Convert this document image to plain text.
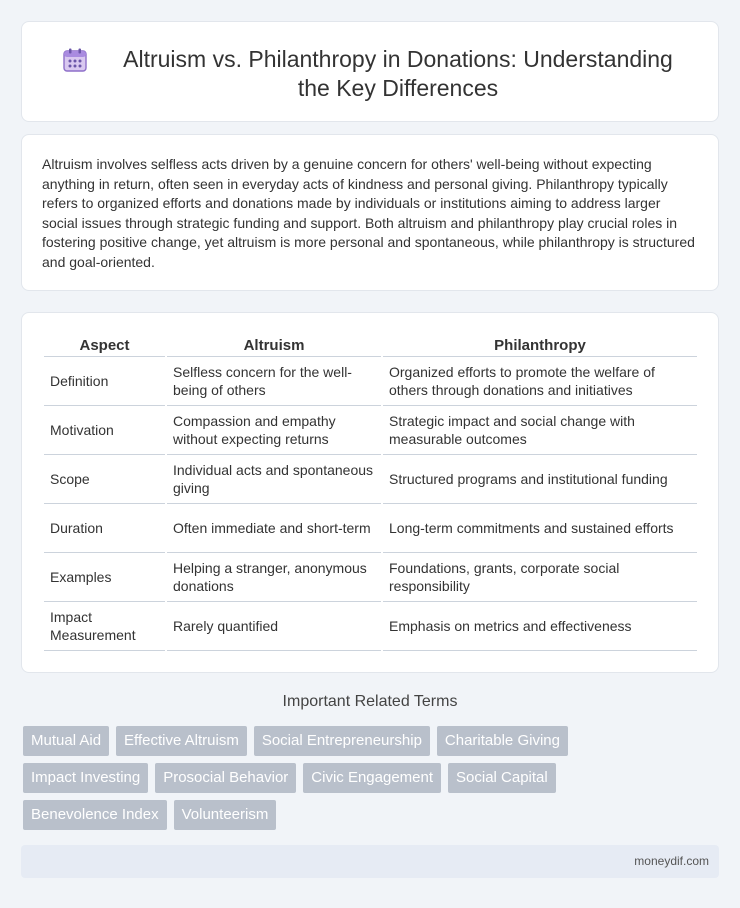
Altruism vs. Philanthropy in Donations: Understanding the Key Differences

Altruism involves selfless acts driven by a genuine concern for others' well-being without expecting anything in return, often seen in everyday acts of kindness and personal giving. Philanthropy typically refers to organized efforts and donations made by individuals or institutions aiming to address larger social issues through strategic funding and support. Both altruism and philanthropy play crucial roles in fostering positive change, yet altruism is more personal and spontaneous, while philanthropy is structured and goal-oriented.

Aspect	Altruism	Philanthropy
Definition	Selfless concern for the well-being of others	Organized efforts to promote the welfare of others through donations and initiatives
Motivation	Compassion and empathy without expecting returns	Strategic impact and social change with measurable outcomes
Scope	Individual acts and spontaneous giving	Structured programs and institutional funding
Duration	Often immediate and short-term	Long-term commitments and sustained efforts
Examples	Helping a stranger, anonymous donations	Foundations, grants, corporate social responsibility
Impact Measurement	Rarely quantified	Emphasis on metrics and effectiveness
Important Related Terms
Mutual Aid	Effective Altruism	Social Entrepreneurship	Charitable Giving
Impact Investing	Prosocial Behavior	Civic Engagement	Social Capital
Benevolence Index	Volunteerism
moneydif.com
